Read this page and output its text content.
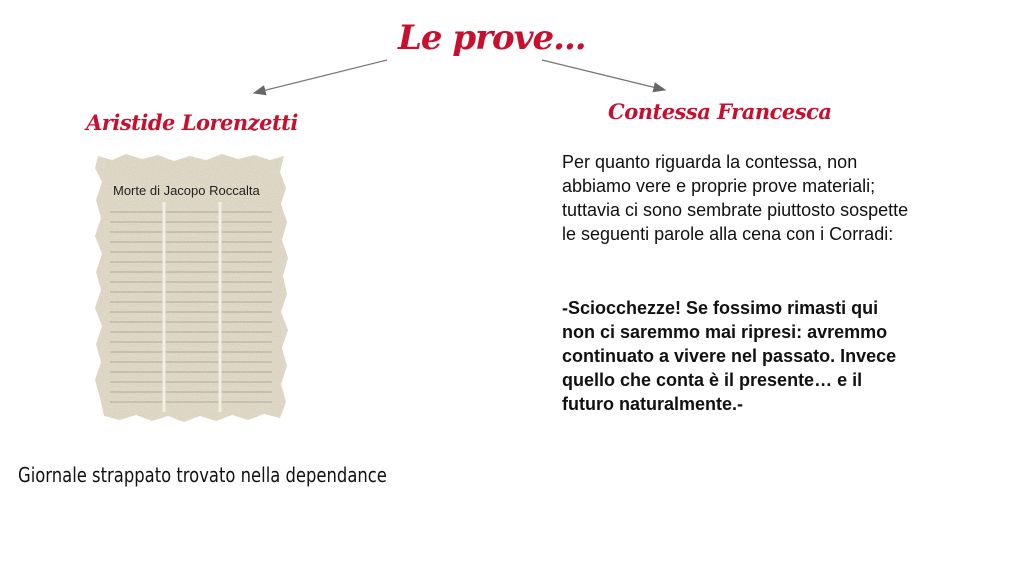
Le prove...
Aristide Lorenzetti	Contessa Francesca
Morte di Jacopo Roccalta
Giornale strappato trovato nella dependance

Per quanto riguarda la contessa, non abbiamo vere e proprie prove materiali; tuttavia ci sono sembrate piuttosto sospette le seguenti parole alla cena con i Corradi:

-Sciocchezze! Se fossimo rimasti qui non ci saremmo mai ripresi: avremmo continuato a vivere nel passato. Invece quello che conta è il presente… e il futuro naturalmente.-
